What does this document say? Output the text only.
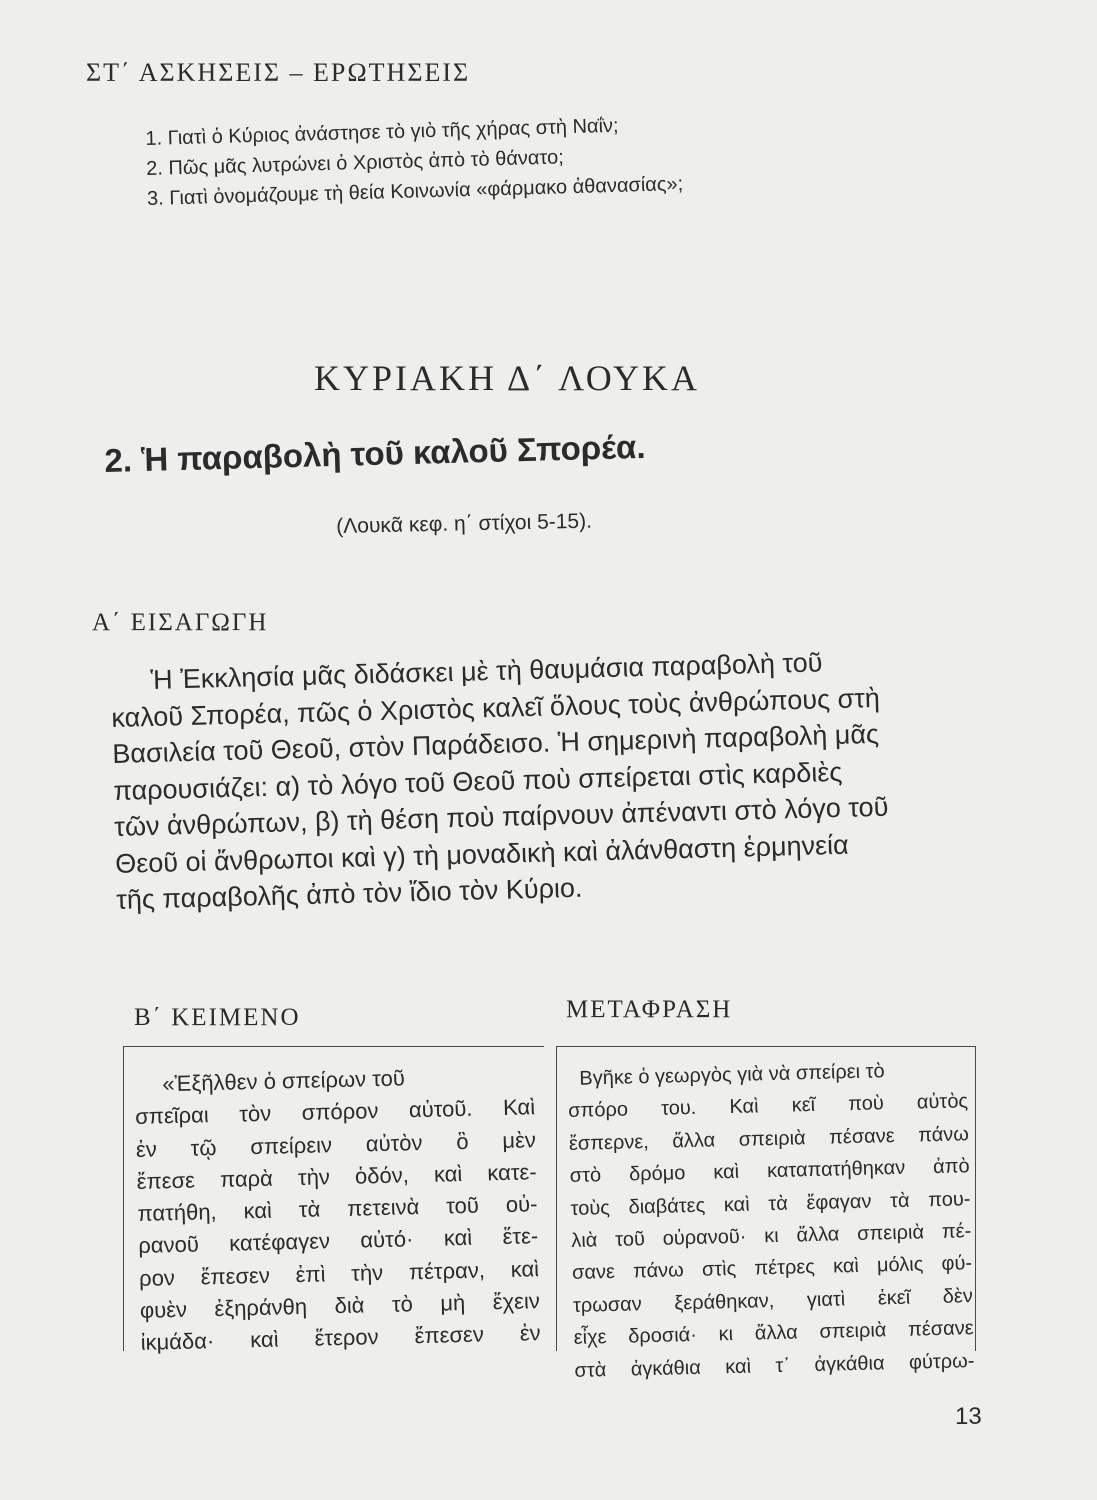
ΣΤ΄ ΑΣΚΗΣΕΙΣ – ΕΡΩΤΗΣΕΙΣ
1. Γιατὶ ὁ Κύριος ἀνάστησε τὸ γιὸ τῆς χήρας στὴ Ναΐν;
2. Πῶς μᾶς λυτρώνει ὁ Χριστὸς ἀπὸ τὸ θάνατο;
3. Γιατὶ ὀνομάζουμε τὴ θεία Κοινωνία «φάρμακο ἀθανασίας»;
ΚΥΡΙΑΚΗ Δ΄ ΛΟΥΚΑ
2. Ἡ παραβολὴ τοῦ καλοῦ Σπορέα.
(Λουκᾶ κεφ. η΄ στίχοι 5-15).
Α΄ ΕΙΣΑΓΩΓΗ
Ἡ Ἐκκλησία μᾶς διδάσκει μὲ τὴ θαυμάσια παραβολὴ τοῦ
καλοῦ Σπορέα, πῶς ὁ Χριστὸς καλεῖ ὅλους τοὺς ἀνθρώπους στὴ
Βασιλεία τοῦ Θεοῦ, στὸν Παράδεισο. Ἡ σημερινὴ παραβολὴ μᾶς
παρουσιάζει: α) τὸ λόγο τοῦ Θεοῦ ποὺ σπείρεται στὶς καρδιὲς
τῶν ἀνθρώπων, β) τὴ θέση ποὺ παίρνουν ἀπέναντι στὸ λόγο τοῦ
Θεοῦ οἱ ἄνθρωποι καὶ γ) τὴ μοναδικὴ καὶ ἀλάνθαστη ἑρμηνεία
τῆς παραβολῆς ἀπὸ τὸν ἴδιο τὸν Κύριο.
Β΄ ΚΕΙΜΕΝΟ	ΜΕΤΑΦΡΑΣΗ
«Ἐξῆλθεν ὁ σπείρων τοῦ
σπεῖραι τὸν σπόρον αὐτοῦ. Καὶ
ἐν τῷ σπείρειν αὐτὸν ὃ μὲν
ἔπεσε παρὰ τὴν ὁδόν, καὶ κατε-
πατήθη, καὶ τὰ πετεινὰ τοῦ οὐ-
ρανοῦ κατέφαγεν αὐτό· καὶ ἕτε-
ρον ἔπεσεν ἐπὶ τὴν πέτραν, καὶ
φυὲν ἐξηράνθη διὰ τὸ μὴ ἔχειν
ἰκμάδα· καὶ ἕτερον ἔπεσεν ἐν
Βγῆκε ὁ γεωργὸς γιὰ νὰ σπείρει τὸ
σπόρο του. Καὶ κεῖ ποὺ αὐτὸς
ἔσπερνε, ἄλλα σπειριὰ πέσανε πάνω
στὸ δρόμο καὶ καταπατήθηκαν ἀπὸ
τοὺς διαβάτες καὶ τὰ ἔφαγαν τὰ που-
λιὰ τοῦ οὐρανοῦ· κι ἄλλα σπειριὰ πέ-
σανε πάνω στὶς πέτρες καὶ μόλις φύ-
τρωσαν ξεράθηκαν, γιατὶ ἐκεῖ δὲν
εἶχε δροσιά· κι ἄλλα σπειριὰ πέσανε
στὰ ἀγκάθια καὶ τ᾽ ἀγκάθια φύτρω-
13
